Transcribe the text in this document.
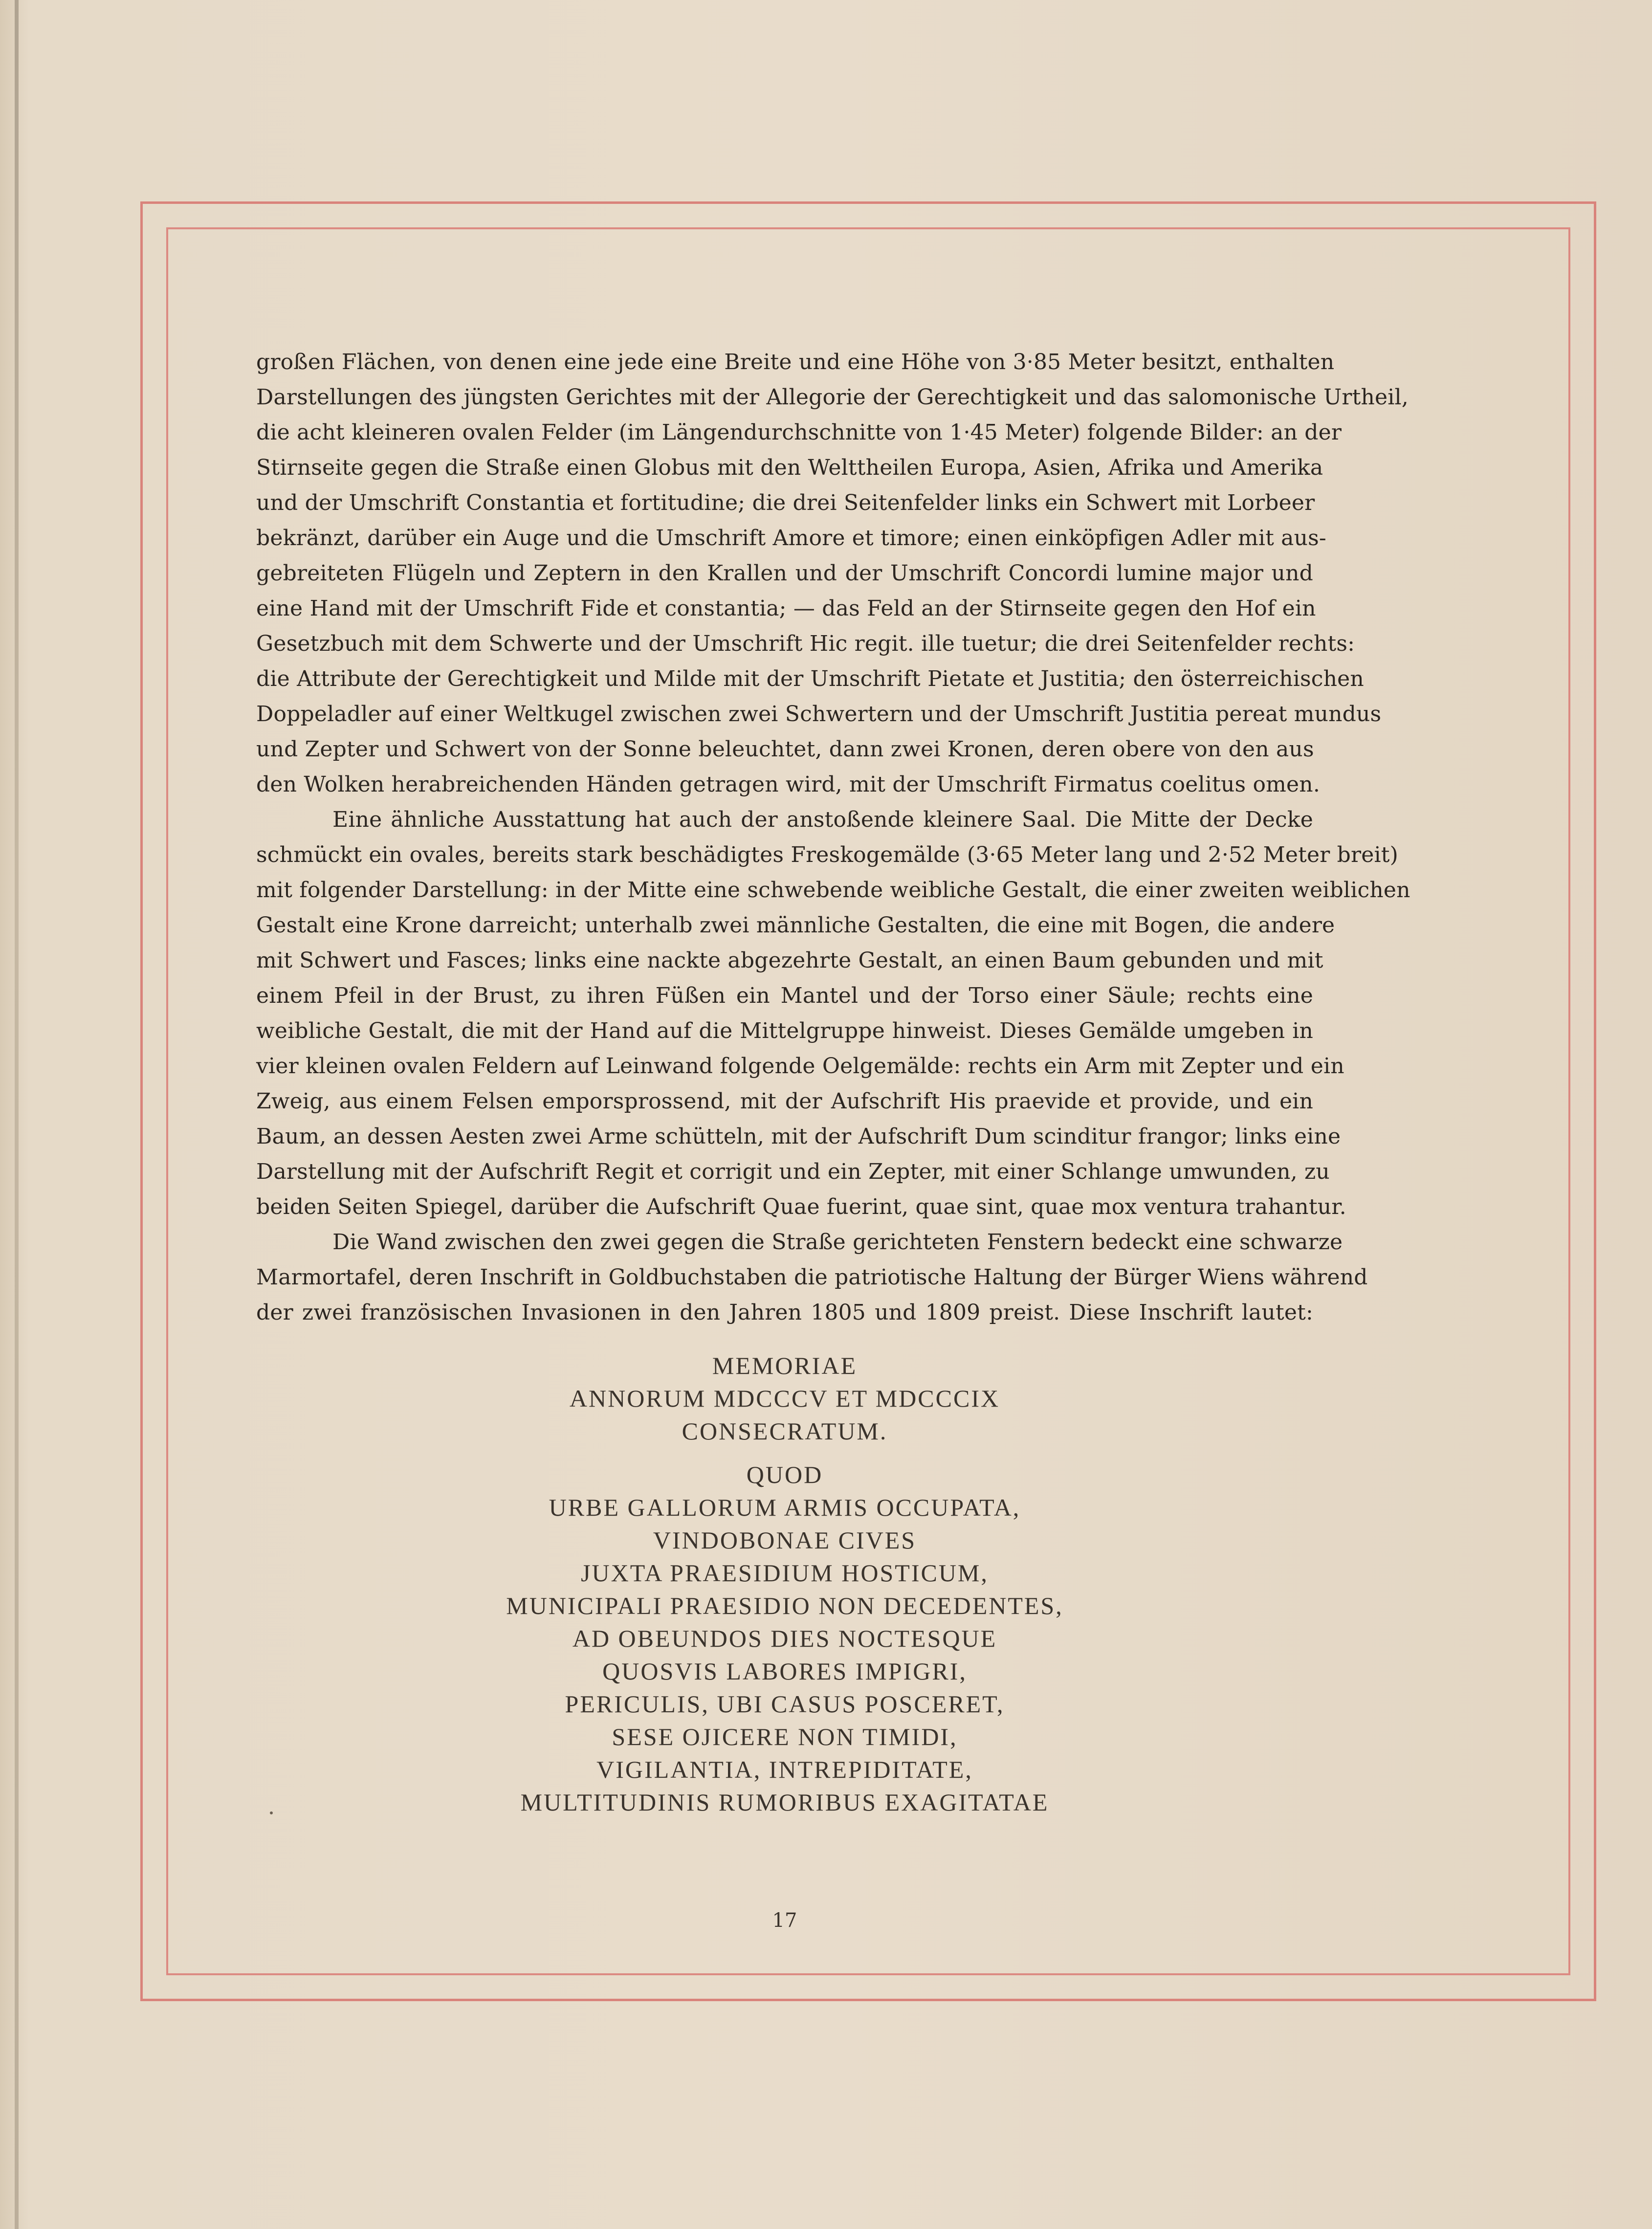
großen Flächen, von denen eine jede eine Breite und eine Höhe von 3·85 Meter besitzt, enthalten
Darstellungen des jüngsten Gerichtes mit der Allegorie der Gerechtigkeit und das salomonische Urtheil,
die acht kleineren ovalen Felder (im Längendurchschnitte von 1·45 Meter) folgende Bilder: an der
Stirnseite gegen die Straße einen Globus mit den Welttheilen Europa, Asien, Afrika und Amerika
und der Umschrift Constantia et fortitudine; die drei Seitenfelder links ein Schwert mit Lorbeer
bekränzt, darüber ein Auge und die Umschrift Amore et timore; einen einköpfigen Adler mit aus-
gebreiteten Flügeln und Zeptern in den Krallen und der Umschrift Concordi lumine major und
eine Hand mit der Umschrift Fide et constantia; — das Feld an der Stirnseite gegen den Hof ein
Gesetzbuch mit dem Schwerte und der Umschrift Hic regit. ille tuetur; die drei Seitenfelder rechts:
die Attribute der Gerechtigkeit und Milde mit der Umschrift Pietate et Justitia; den österreichischen
Doppeladler auf einer Weltkugel zwischen zwei Schwertern und der Umschrift Justitia pereat mundus
und Zepter und Schwert von der Sonne beleuchtet, dann zwei Kronen, deren obere von den aus
den Wolken herabreichenden Händen getragen wird, mit der Umschrift Firmatus coelitus omen.
Eine ähnliche Ausstattung hat auch der anstoßende kleinere Saal. Die Mitte der Decke
schmückt ein ovales, bereits stark beschädigtes Freskogemälde (3·65 Meter lang und 2·52 Meter breit)
mit folgender Darstellung: in der Mitte eine schwebende weibliche Gestalt, die einer zweiten weiblichen
Gestalt eine Krone darreicht; unterhalb zwei männliche Gestalten, die eine mit Bogen, die andere
mit Schwert und Fasces; links eine nackte abgezehrte Gestalt, an einen Baum gebunden und mit
einem Pfeil in der Brust, zu ihren Füßen ein Mantel und der Torso einer Säule; rechts eine
weibliche Gestalt, die mit der Hand auf die Mittelgruppe hinweist. Dieses Gemälde umgeben in
vier kleinen ovalen Feldern auf Leinwand folgende Oelgemälde: rechts ein Arm mit Zepter und ein
Zweig, aus einem Felsen emporsprossend, mit der Aufschrift His praevide et provide, und ein
Baum, an dessen Aesten zwei Arme schütteln, mit der Aufschrift Dum scinditur frangor; links eine
Darstellung mit der Aufschrift Regit et corrigit und ein Zepter, mit einer Schlange umwunden, zu
beiden Seiten Spiegel, darüber die Aufschrift Quae fuerint, quae sint, quae mox ventura trahantur.
Die Wand zwischen den zwei gegen die Straße gerichteten Fenstern bedeckt eine schwarze
Marmortafel, deren Inschrift in Goldbuchstaben die patriotische Haltung der Bürger Wiens während
der zwei französischen Invasionen in den Jahren 1805 und 1809 preist. Diese Inschrift lautet:
MEMORIAE
ANNORUM MDCCCV ET MDCCCIX
CONSECRATUM.
QUOD
URBE GALLORUM ARMIS OCCUPATA,
VINDOBONAE CIVES
JUXTA PRAESIDIUM HOSTICUM,
MUNICIPALI PRAESIDIO NON DECEDENTES,
AD OBEUNDOS DIES NOCTESQUE
QUOSVIS LABORES IMPIGRI,
PERICULIS, UBI CASUS POSCERET,
SESE OJICERE NON TIMIDI,
VIGILANTIA, INTREPIDITATE,
MULTITUDINIS RUMORIBUS EXAGITATAE
17
